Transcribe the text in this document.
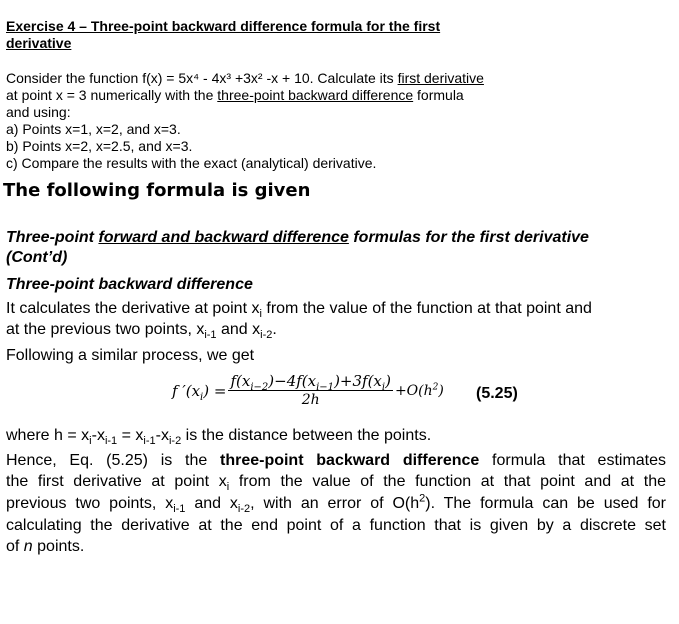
Exercise 4 – Three-point backward difference formula for the first
derivative
Consider the function f(x) = 5x⁴ - 4x³ +3x² -x + 10. Calculate its first derivative
at point x = 3 numerically with the three-point backward difference formula
and using:
a) Points x=1, x=2, and x=3.
b) Points x=2, x=2.5, and x=3.
c) Compare the results with the exact (analytical) derivative.
The following formula is given
Three-point forward and backward difference formulas for the first derivative
(Cont’d)
Three-point backward difference
It calculates the derivative at point $x_i$ from the value of the function at that point and
at the previous two points, $x_{i-1}$ and $x_{i-2}$.
Following a similar process, we get
f $'(x_i) = \frac{f(x_{i-2})-4f(x_{i-1})+3f(x_i)}{2h} +O(h^2)$ (5.25)
where $h = x_i-x_{i-1} = x_{i-1}-x_{i-2}$ is the distance between the points.
Hence, Eq. (5.25) is the three-point backward difference formula that estimates
the first derivative at point $x_i$ from the value of the function at that point and at the
previous two points, $x_{i-1}$ and $x_{i-2}$, with an error of $O(h^2)$. The formula can be used for
calculating the derivative at the end point of a function that is given by a discrete set
of n points.
